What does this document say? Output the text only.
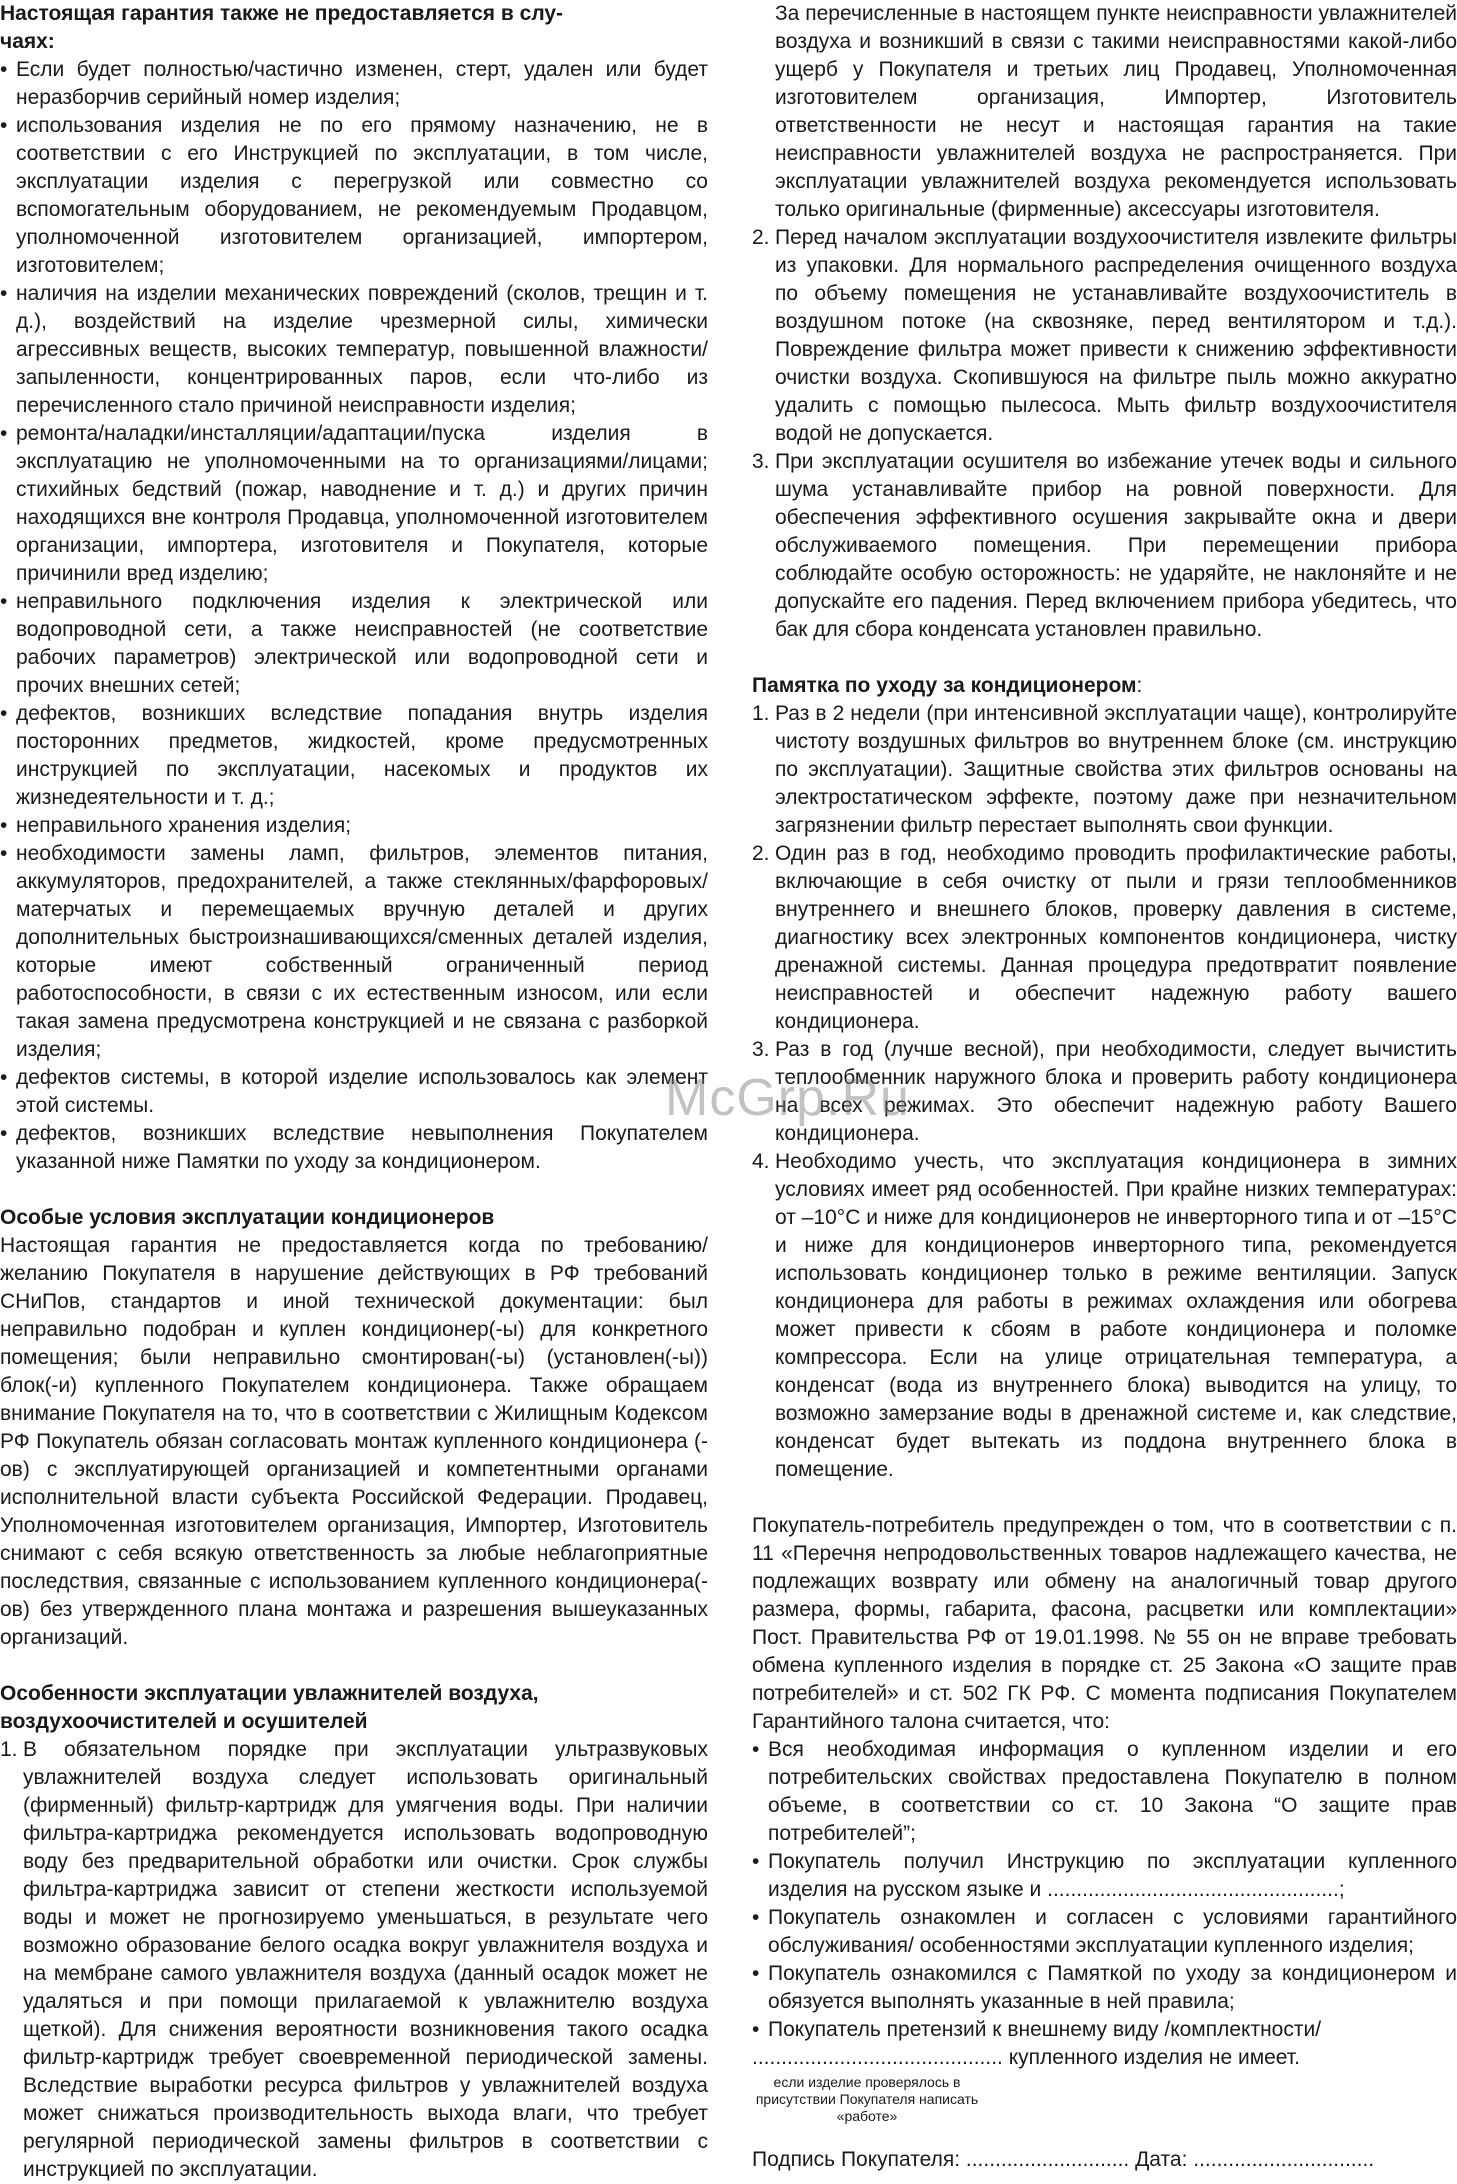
Настоящая гарантия также не предоставляется в слу-
чаях:

• Если будет полностью/частично изменен, стерт, удален или будет неразборчив серийный номер изделия;
• использования изделия не по его прямому назначению, не в соответствии с его Инструкцией по эксплуатации, в том числе, эксплуатации изделия с перегрузкой или совместно со вспомогательным оборудованием, не рекомендуемым Продавцом, уполномоченной изготовителем организацией, импортером, изготовителем;
• наличия на изделии механических повреждений (сколов, трещин и т. д.), воздействий на изделие чрезмерной силы, химически агрессивных веществ, высоких температур, повышенной влажности/запыленности, концентрированных паров, если что-либо из перечисленного стало причиной неисправности изделия;
• ремонта/наладки/инсталляции/адаптации/пуска изделия в эксплуатацию не уполномоченными на то организациями/лицами; стихийных бедствий (пожар, наводнение и т. д.) и других причин находящихся вне контроля Продавца, уполномоченной изготовителем организации, импортера, изготовителя и Покупателя, которые причинили вред изделию;
• неправильного подключения изделия к электрической или водопроводной сети, а также неисправностей (не соответствие рабочих параметров) электрической или водопроводной сети и прочих внешних сетей;
• дефектов, возникших вследствие попадания внутрь изделия посторонних предметов, жидкостей, кроме предусмотренных инструкцией по эксплуатации, насекомых и продуктов их жизнедеятельности и т. д.;
• неправильного хранения изделия;
• необходимости замены ламп, фильтров, элементов питания, аккумуляторов, предохранителей, а также стеклянных/фарфоровых/матерчатых и перемещаемых вручную деталей и других дополнительных быстроизнашивающихся/сменных деталей изделия, которые имеют собственный ограниченный период работоспособности, в связи с их естественным износом, или если такая замена предусмотрена конструкцией и не связана с разборкой изделия;
• дефектов системы, в которой изделие использовалось как элемент этой системы.
• дефектов, возникших вследствие невыполнения Покупателем указанной ниже Памятки по уходу за кондиционером.

Особые условия эксплуатации кондиционеров

Настоящая гарантия не предоставляется когда по требованию/желанию Покупателя в нарушение действующих в РФ требований СНиПов, стандартов и иной технической документации: был неправильно подобран и куплен кондиционер(-ы) для конкретного помещения; были неправильно смонтирован(-ы) (установлен(-ы)) блок(-и) купленного Покупателем кондиционера. Также обращаем внимание Покупателя на то, что в соответствии с Жилищным Кодексом РФ Покупатель обязан согласовать монтаж купленного кондиционера (-ов) с эксплуатирующей организацией и компетентными органами исполнительной власти субъекта Российской Федерации. Продавец, Уполномоченная изготовителем организация, Импортер, Изготовитель снимают с себя всякую ответственность за любые неблагоприятные последствия, связанные с использованием купленного кондиционера(-ов) без утвержденного плана монтажа и разрешения вышеуказанных организаций.

Особенности эксплуатации увлажнителей воздуха, воздухоочистителей и осушителей

1. В обязательном порядке при эксплуатации ультразвуковых увлажнителей воздуха следует использовать оригинальный (фирменный) фильтр-картридж для умягчения воды. При наличии фильтра-картриджа рекомендуется использовать водопроводную воду без предварительной обработки или очистки. Срок службы фильтра-картриджа зависит от степени жесткости используемой воды и может не прогнозируемо уменьшаться, в результате чего возможно образование белого осадка вокруг увлажнителя воздуха и на мембране самого увлажнителя воздуха (данный осадок может не удаляться и при помощи прилагаемой к увлажнителю воздуха щеткой). Для снижения вероятности возникновения такого осадка фильтр-картридж требует своевременной периодической замены. Вследствие выработки ресурса фильтров у увлажнителей воздуха может снижаться производительность выхода влаги, что требует регулярной периодической замены фильтров в соответствии с инструкцией по эксплуатации.

За перечисленные в настоящем пункте неисправности увлажнителей воздуха и возникший в связи с такими неисправностями какой-либо ущерб у Покупателя и третьих лиц Продавец, Уполномоченная изготовителем организация, Импортер, Изготовитель ответственности не несут и настоящая гарантия на такие неисправности увлажнителей воздуха не распространяется. При эксплуатации увлажнителей воздуха рекомендуется использовать только оригинальные (фирменные) аксессуары изготовителя.

2. Перед началом эксплуатации воздухоочистителя извлеките фильтры из упаковки. Для нормального распределения очищенного воздуха по объему помещения не устанавливайте воздухоочиститель в воздушном потоке (на сквозняке, перед вентилятором и т.д.). Повреждение фильтра может привести к снижению эффективности очистки воздуха. Скопившуюся на фильтре пыль можно аккуратно удалить с помощью пылесоса. Мыть фильтр воздухоочистителя водой не допускается.
3. При эксплуатации осушителя во избежание утечек воды и сильного шума устанавливайте прибор на ровной поверхности. Для обеспечения эффективного осушения закрывайте окна и двери обслуживаемого помещения. При перемещении прибора соблюдайте особую осторожность: не ударяйте, не наклоняйте и не допускайте его падения. Перед включением прибора убедитесь, что бак для сбора конденсата установлен правильно.

Памятка по уходу за кондиционером:

1. Раз в 2 недели (при интенсивной эксплуатации чаще), контролируйте чистоту воздушных фильтров во внутреннем блоке (см. инструкцию по эксплуатации). Защитные свойства этих фильтров основаны на электростатическом эффекте, поэтому даже при незначительном загрязнении фильтр перестает выполнять свои функции.
2. Один раз в год, необходимо проводить профилактические работы, включающие в себя очистку от пыли и грязи теплообменников внутреннего и внешнего блоков, проверку давления в системе, диагностику всех электронных компонентов кондиционера, чистку дренажной системы. Данная процедура предотвратит появление неисправностей и обеспечит надежную работу вашего кондиционера.
3. Раз в год (лучше весной), при необходимости, следует вычистить теплообменник наружного блока и проверить работу кондиционера на всех режимах. Это обеспечит надежную работу Вашего кондиционера.
4. Необходимо учесть, что эксплуатация кондиционера в зимних условиях имеет ряд особенностей. При крайне низких температурах: от –10°С и ниже для кондиционеров не инверторного типа и от –15°С и ниже для кондиционеров инверторного типа, рекомендуется использовать кондиционер только в режиме вентиляции. Запуск кондиционера для работы в режимах охлаждения или обогрева может привести к сбоям в работе кондиционера и поломке компрессора. Если на улице отрицательная температура, а конденсат (вода из внутреннего блока) выводится на улицу, то возможно замерзание воды в дренажной системе и, как следствие, конденсат будет вытекать из поддона внутреннего блока в помещение.

Покупатель-потребитель предупрежден о том, что в соответствии с п. 11 «Перечня непродовольственных товаров надлежащего качества, не подлежащих возврату или обмену на аналогичный товар другого размера, формы, габарита, фасона, расцветки или комплектации» Пост. Правительства РФ от 19.01.1998. № 55 он не вправе требовать обмена купленного изделия в порядке ст. 25 Закона «О защите прав потребителей» и ст. 502 ГК РФ. С момента подписания Покупателем Гарантийного талона считается, что:

• Вся необходимая информация о купленном изделии и его потребительских свойствах предоставлена Покупателю в полном объеме, в соответствии со ст. 10 Закона “О защите прав потребителей”;
• Покупатель получил Инструкцию по эксплуатации купленного изделия на русском языке и ..................................................;
• Покупатель ознакомлен и согласен с условиями гарантийного обслуживания/ особенностями эксплуатации купленного изделия;
• Покупатель ознакомился с Памяткой по уходу за кондиционером и обязуется выполнять указанные в ней правила;
• Покупатель претензий к внешнему виду /комплектности/

........................................... купленного изделия не имеет.

если изделие проверялось в присутствии Покупателя написать «работе»

Подпись Покупателя: ............................ Дата: ...............................

McGrp.Ru
